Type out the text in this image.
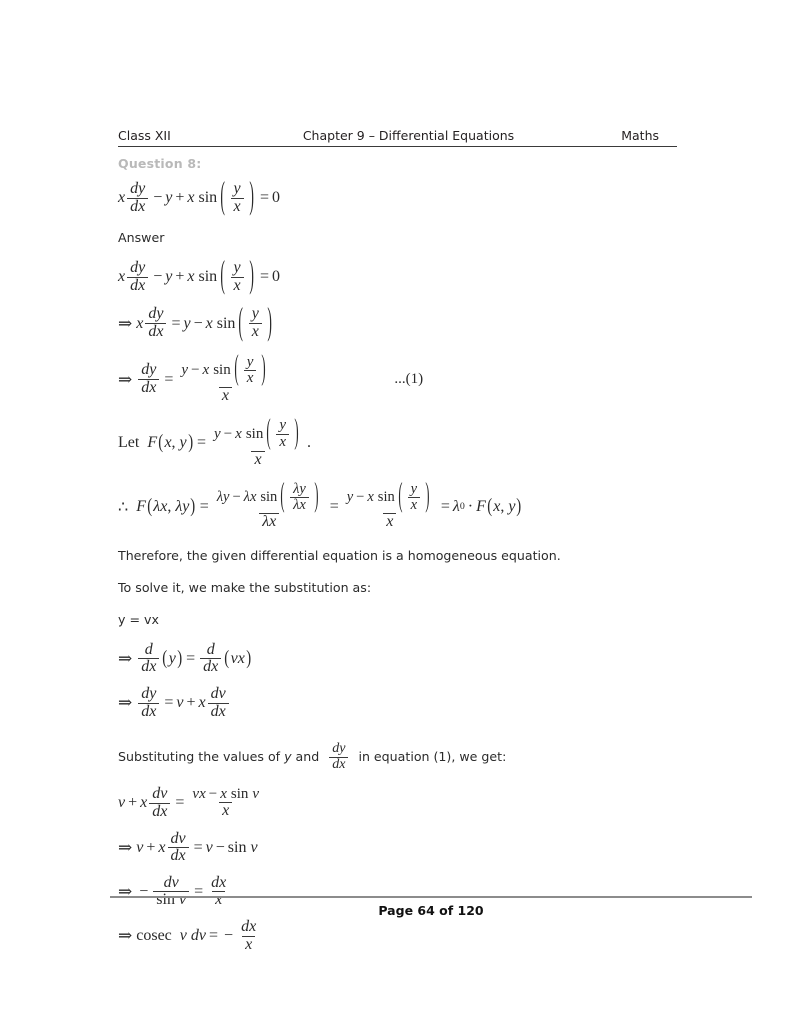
Class XII	Chapter 9 – Differential Equations	Maths

Question 8:

x $\frac{dy}{dx} - y + x$ sin ( $\frac{y}{x}$ ) = 0

Answer

x $\frac{dy}{dx} - y + x$ sin ( $\frac{y}{x}$ ) = 0
⇒ x $\frac{dy}{dx} = y - x$ sin ( $\frac{y}{x}$ )
⇒ $\frac{dy}{dx}$ =
y − x sin ( $\frac{y}{x}$ )
x
...(1)
Let F ( x , y ) =
y − x sin ( $\frac{y}{x}$ )
x
.
∴ F ( λ x , λ y ) =
λ y − λ x sin ( $\frac{\lambda y}{\lambda x}$ )
λx
=
y − x sin ( $\frac{y}{x}$ )
x
= λ 0 · F ( x , y )

Therefore, the given differential equation is a homogeneous equation.

To solve it, we make the substitution as:

y = vx

⇒ $\frac{d}{dx}$ ( y ) = $\frac{d}{dx}$ ( v x )
⇒ $\frac{dy}{dx} = v + x \frac{dv}{dx}$
Substituting the values of y and $\frac{dy}{dx}$ in equation (1), we get:
v + x $\frac{dv}{dx}$ =
v x − x sin v
x
⇒ v + x $\frac{dv}{dx} = v - \sin v$
⇒ − $\frac{dv}{\text{sin v}} = \frac{dx}{x}$
⇒ cosec v dv = − $\frac{dx}{x}$
Page 64 of 120
